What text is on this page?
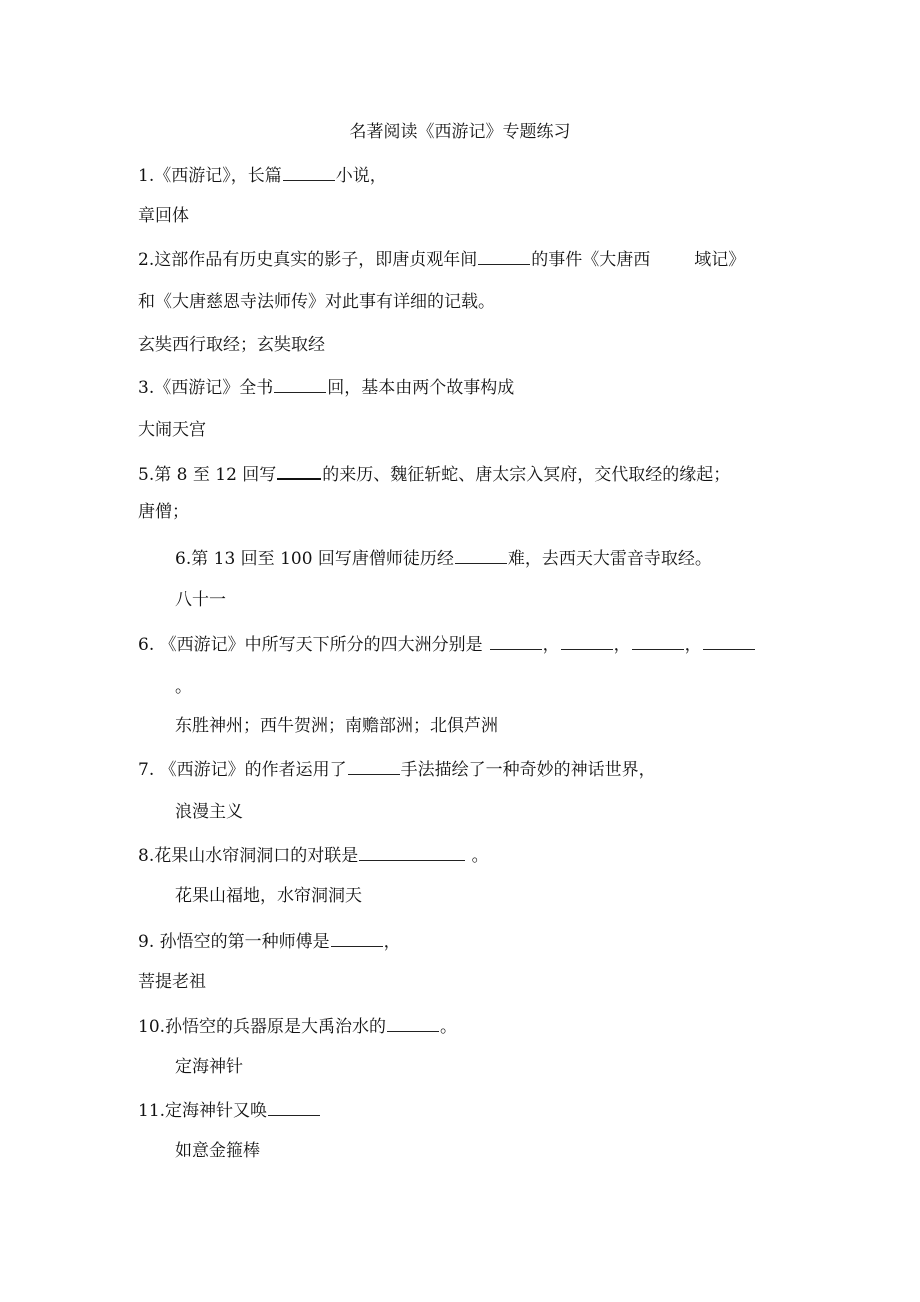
名著阅读《西游记》专题练习
1.《西游记》，长篇	小说，
章回体
2.这部作品有历史真实的影子，即唐贞观年间	的事件《大唐西	域记》
和《大唐慈恩寺法师传》对此事有详细的记载。
玄奘西行取经；玄奘取经
3.《西游记》全书	回，基本由两个故事构成
大闹天宫
5.第 8 至 12 回写	的来历、魏征斩蛇、唐太宗入冥府，交代取经的缘起；
唐僧；
6.第 13 回至 100 回写唐僧师徒历经	难，去西天大雷音寺取经。
八十一
6. 《西游记》中所写天下所分的四大洲分别是	，	，	，
。
东胜神州；西牛贺洲；南赡部洲；北俱芦洲
7. 《西游记》的作者运用了	手法描绘了一种奇妙的神话世界，
浪漫主义
8.花果山水帘洞洞口的对联是	。
花果山福地，水帘洞洞天
9. 孙悟空的第一种师傅是	，
菩提老祖
10.孙悟空的兵器原是大禹治水的	。
定海神针
11.定海神针又唤
如意金箍棒
